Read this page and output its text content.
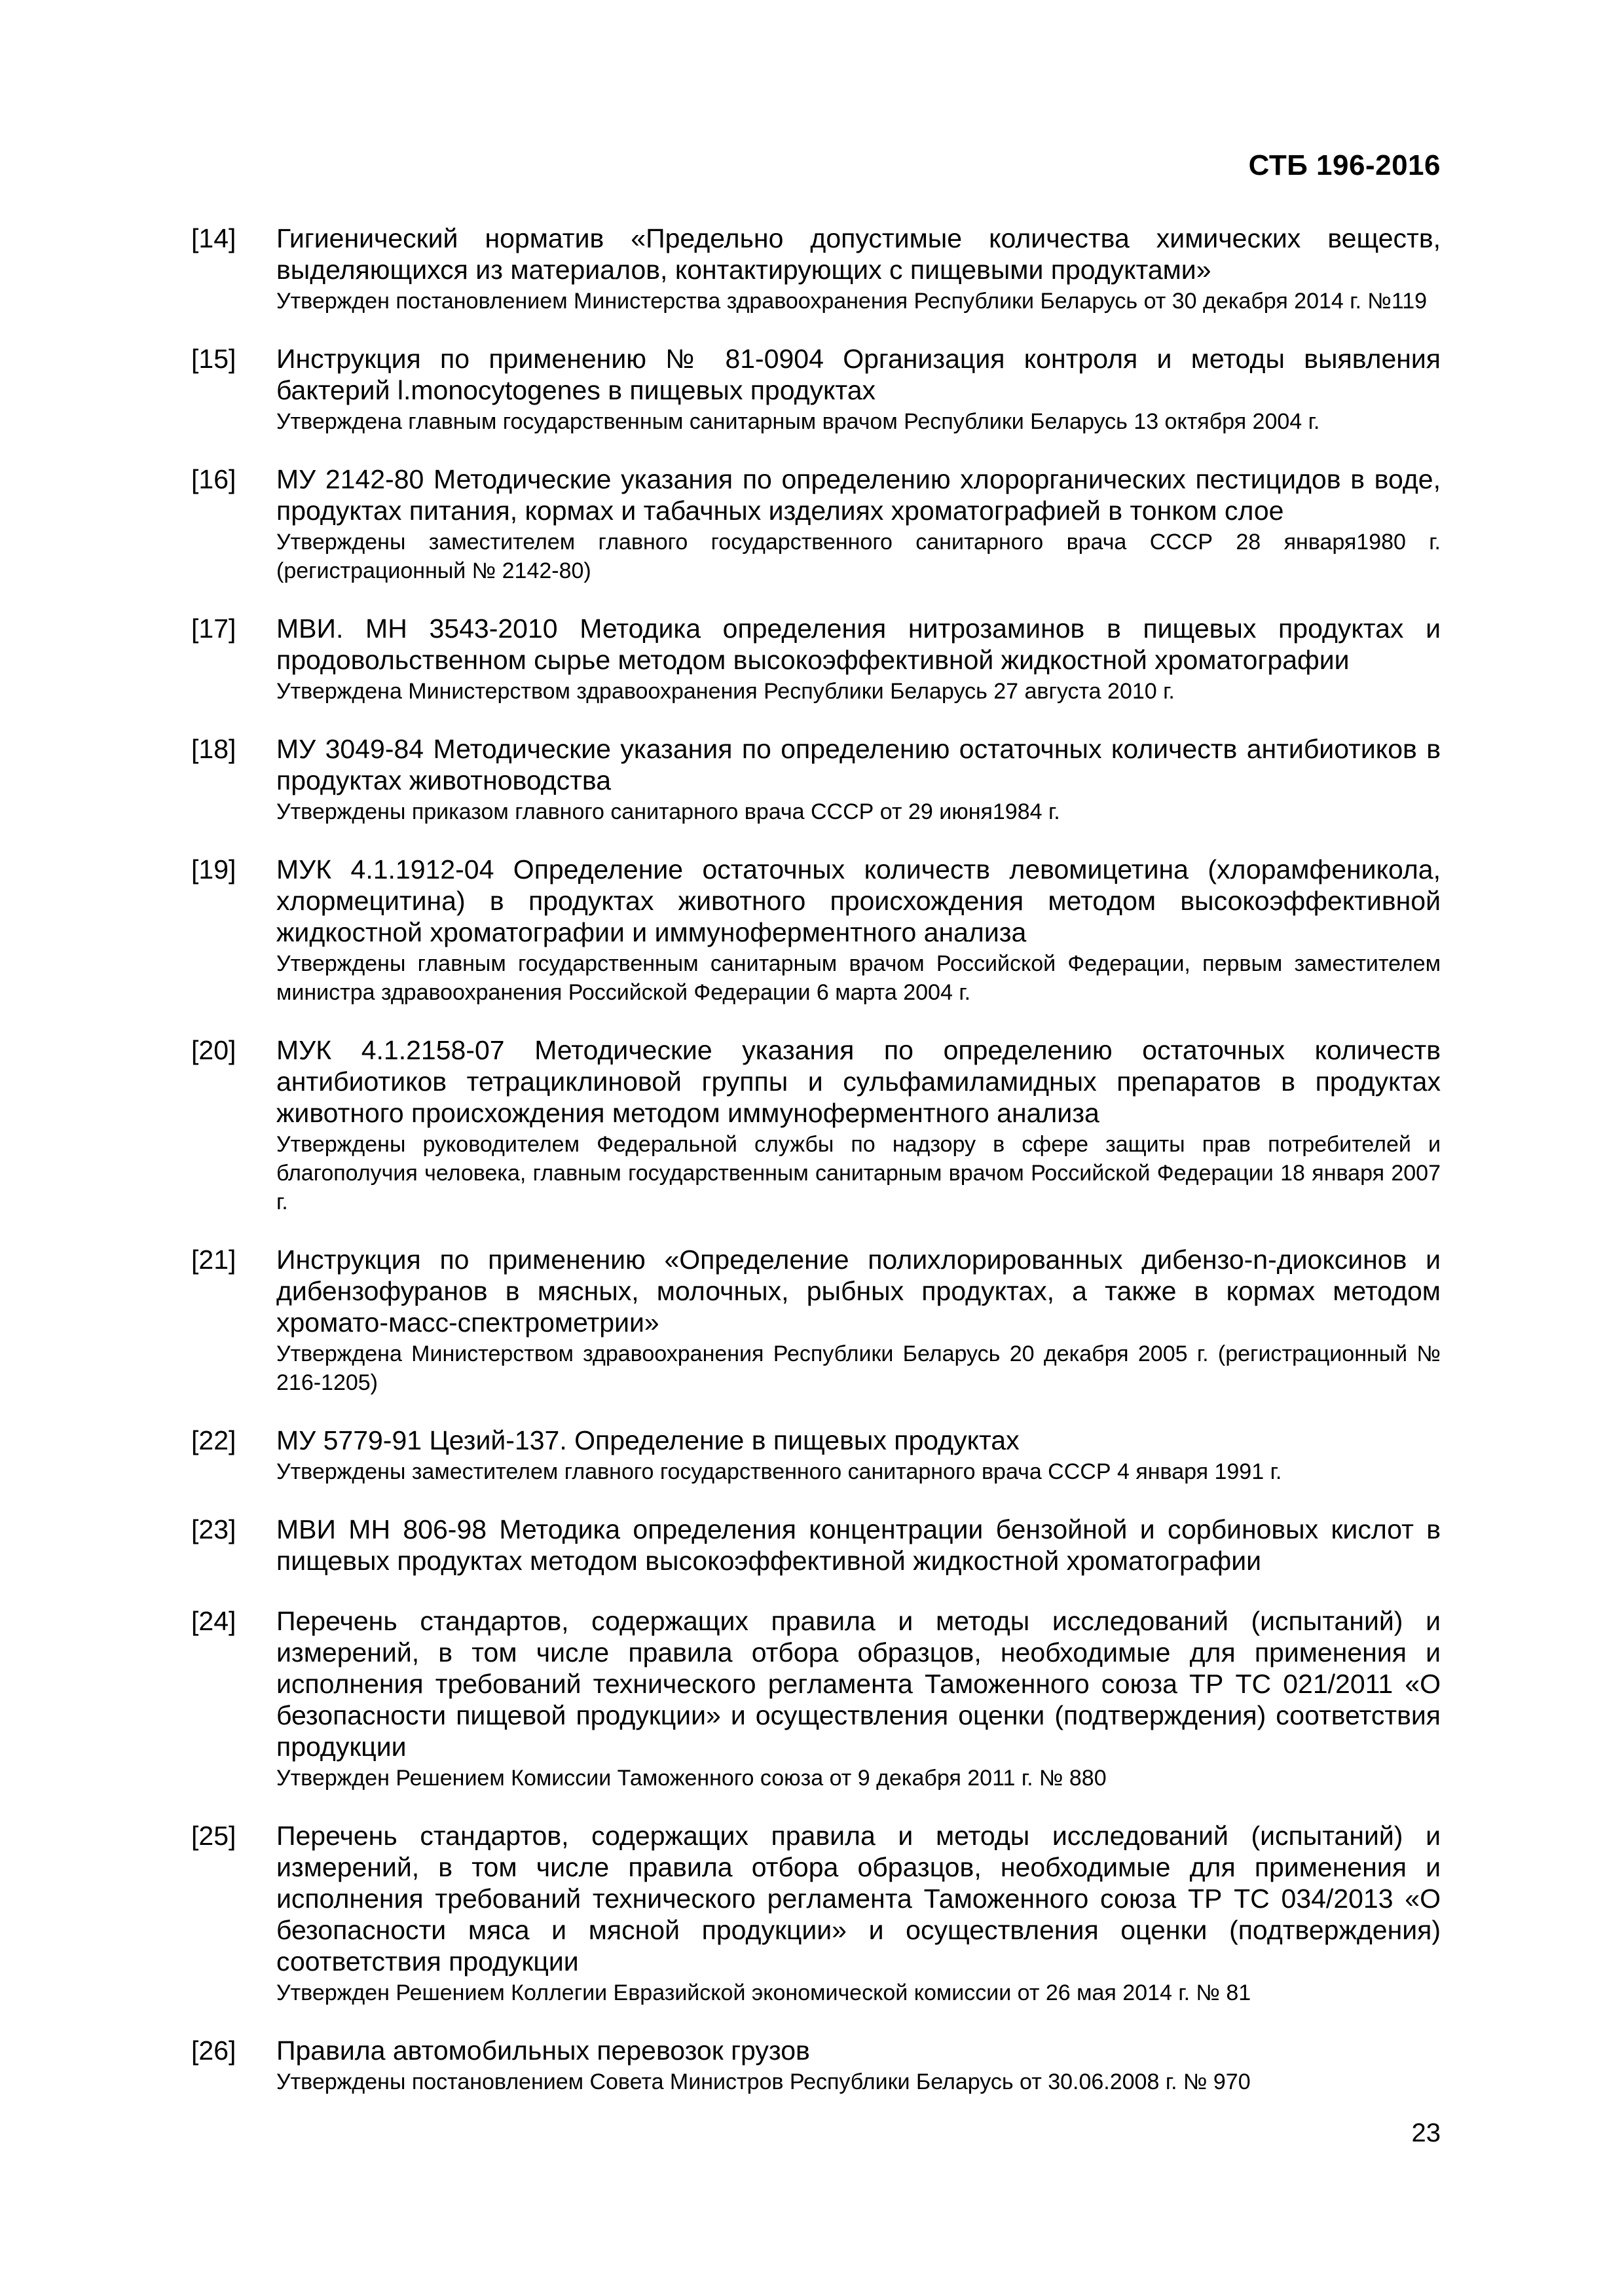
СТБ 196-2016
[14]	Гигиенический норматив «Предельно допустимые количества химических веществ, выделяющихся из материалов, контактирующих с пищевыми продуктами»
Утвержден постановлением Министерства здравоохранения Республики Беларусь от 30 декабря 2014 г. №119
[15]	Инструкция по применению № 81-0904 Организация контроля и методы выявления бактерий l.monocytogenes в пищевых продуктах
Утверждена главным государственным санитарным врачом Республики Беларусь 13 октября 2004 г.
[16]	МУ 2142-80 Методические указания по определению хлорорганических пестицидов в воде, продуктах питания, кормах и табачных изделиях хроматографией в тонком слое
Утверждены заместителем главного государственного санитарного врача СССР 28 января1980 г. (регистрационный № 2142-80)
[17]	МВИ. МН 3543-2010 Методика определения нитрозаминов в пищевых продуктах и продовольственном сырье методом высокоэффективной жидкостной хроматографии
Утверждена Министерством здравоохранения Республики Беларусь 27 августа 2010 г.
[18]	МУ 3049-84 Методические указания по определению остаточных количеств антибиотиков в продуктах животноводства
Утверждены приказом главного санитарного врача СССР от 29 июня1984 г.
[19]	МУК 4.1.1912-04 Определение остаточных количеств левомицетина (хлорамфеникола, хлормецитина) в продуктах животного происхождения методом высокоэффективной жидкостной хроматографии и иммуноферментного анализа
Утверждены главным государственным санитарным врачом Российской Федерации, первым заместителем министра здравоохранения Российской Федерации 6 марта 2004 г.
[20]	МУК 4.1.2158-07 Методические указания по определению остаточных количеств антибиотиков тетрациклиновой группы и сульфамиламидных препаратов в продуктах животного происхождения методом иммуноферментного анализа
Утверждены руководителем Федеральной службы по надзору в сфере защиты прав потребителей и благополучия человека, главным государственным санитарным врачом Российской Федерации 18 января 2007 г.
[21]	Инструкция по применению «Определение полихлорированных дибензо-n-диоксинов и дибензофуранов в мясных, молочных, рыбных продуктах, а также в кормах методом хромато-масс-спектрометрии»
Утверждена Министерством здравоохранения Республики Беларусь 20 декабря 2005 г. (регистрационный № 216-1205)
[22]	МУ 5779-91 Цезий-137. Определение в пищевых продуктах
Утверждены заместителем главного государственного санитарного врача СССР 4 января 1991 г.
[23]	МВИ МН 806-98 Методика определения концентрации бензойной и сорбиновых кислот в пищевых продуктах методом высокоэффективной жидкостной хроматографии
[24]	Перечень стандартов, содержащих правила и методы исследований (испытаний) и измерений, в том числе правила отбора образцов, необходимые для применения и исполнения требований технического регламента Таможенного союза ТР ТС 021/2011 «О безопасности пищевой продукции» и осуществления оценки (подтверждения) соответствия продукции
Утвержден Решением Комиссии Таможенного союза от 9 декабря 2011 г. № 880
[25]	Перечень стандартов, содержащих правила и методы исследований (испытаний) и измерений, в том числе правила отбора образцов, необходимые для применения и исполнения требований технического регламента Таможенного союза ТР ТС 034/2013 «О безопасности мяса и мясной продукции» и осуществления оценки (подтверждения) соответствия продукции
Утвержден Решением Коллегии Евразийской экономической комиссии от 26 мая 2014 г. № 81
[26]	Правила автомобильных перевозок грузов
Утверждены постановлением Совета Министров Республики Беларусь от 30.06.2008 г. № 970
23
